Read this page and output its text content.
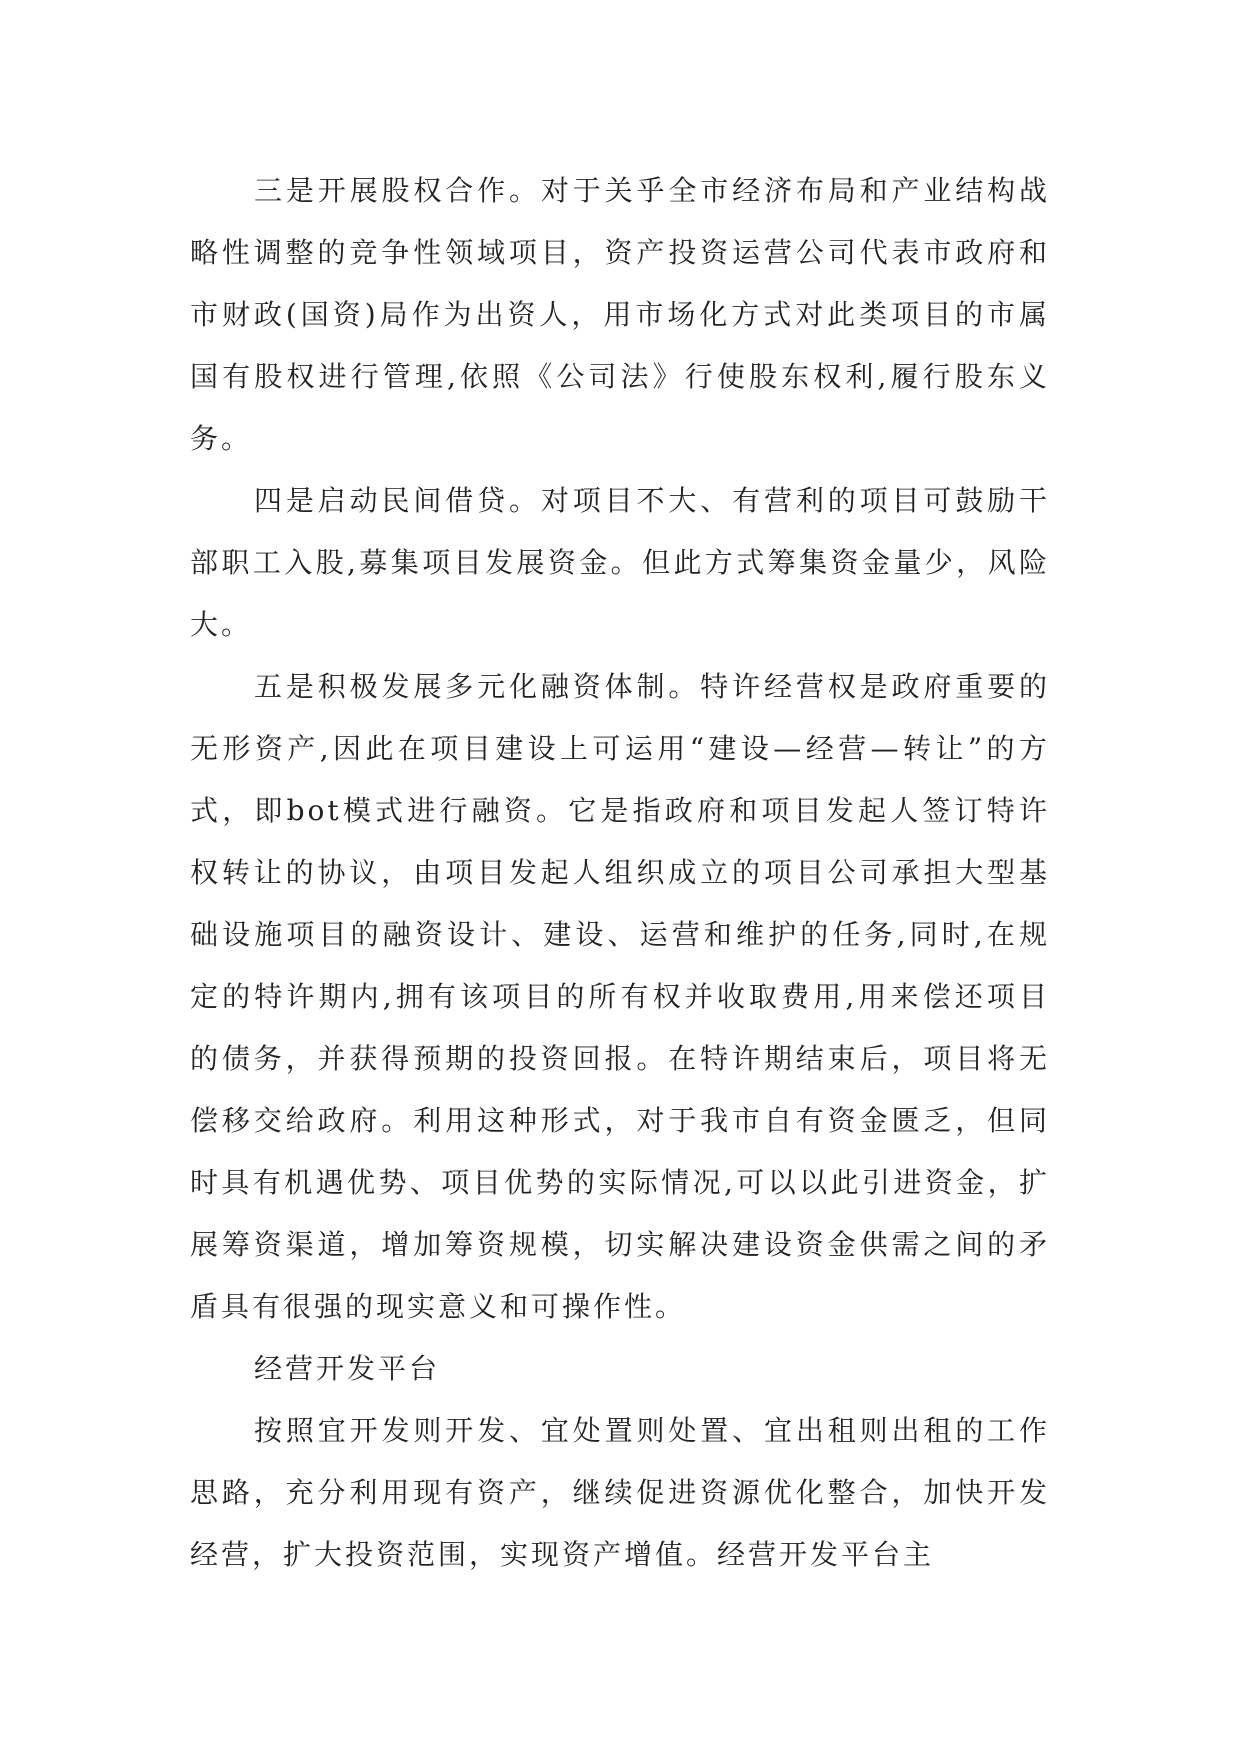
三是开展股权合作。对于关乎全市经济布局和产业结构战略性调整的竞争性领域项目，资产投资运营公司代表市政府和市财政(国资)局作为出资人，用市场化方式对此类项目的市属国有股权进行管理,依照《公司法》行使股东权利,履行股东义务。

四是启动民间借贷。对项目不大、有营利的项目可鼓励干部职工入股,募集项目发展资金。但此方式筹集资金量少，风险大。

五是积极发展多元化融资体制。特许经营权是政府重要的无形资产,因此在项目建设上可运用“建设—经营—转让”的方式，即bot模式进行融资。它是指政府和项目发起人签订特许权转让的协议，由项目发起人组织成立的项目公司承担大型基础设施项目的融资设计、建设、运营和维护的任务,同时,在规定的特许期内,拥有该项目的所有权并收取费用,用来偿还项目的债务，并获得预期的投资回报。在特许期结束后，项目将无偿移交给政府。利用这种形式，对于我市自有资金匮乏，但同时具有机遇优势、项目优势的实际情况,可以以此引进资金，扩展筹资渠道，增加筹资规模，切实解决建设资金供需之间的矛盾具有很强的现实意义和可操作性。

经营开发平台

按照宜开发则开发、宜处置则处置、宜出租则出租的工作思路，充分利用现有资产，继续促进资源优化整合，加快开发经营，扩大投资范围，实现资产增值。经营开发平台主
